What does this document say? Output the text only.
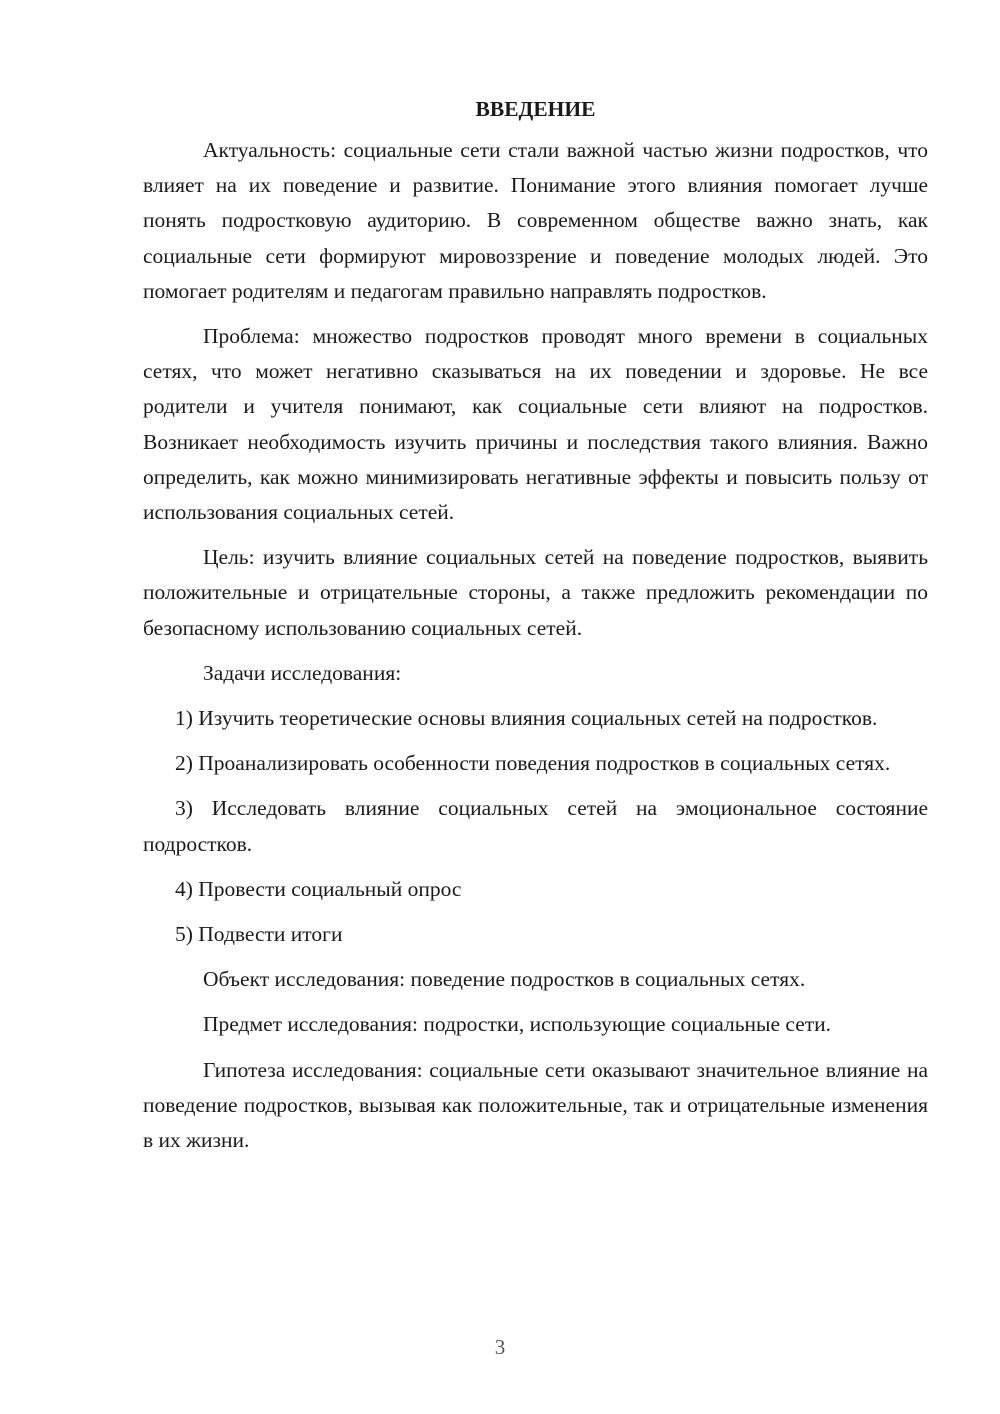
ВВЕДЕНИЕ
Актуальность: социальные сети стали важной частью жизни подростков, что влияет на их поведение и развитие. Понимание этого влияния помогает лучше понять подростковую аудиторию. В современном обществе важно знать, как социальные сети формируют мировоззрение и поведение молодых людей. Это помогает родителям и педагогам правильно направлять подростков.
Проблема: множество подростков проводят много времени в социальных сетях, что может негативно сказываться на их поведении и здоровье. Не все родители и учителя понимают, как социальные сети влияют на подростков. Возникает необходимость изучить причины и последствия такого влияния. Важно определить, как можно минимизировать негативные эффекты и повысить пользу от использования социальных сетей.
Цель: изучить влияние социальных сетей на поведение подростков, выявить положительные и отрицательные стороны, а также предложить рекомендации по безопасному использованию социальных сетей.
Задачи исследования:
1) Изучить теоретические основы влияния социальных сетей на подростков.
2) Проанализировать особенности поведения подростков в социальных сетях.
3) Исследовать влияние социальных сетей на эмоциональное состояние подростков.
4) Провести социальный опрос
5) Подвести итоги
Объект исследования: поведение подростков в социальных сетях.
Предмет исследования: подростки, использующие социальные сети.
Гипотеза исследования: социальные сети оказывают значительное влияние на поведение подростков, вызывая как положительные, так и отрицательные изменения в их жизни.
3
